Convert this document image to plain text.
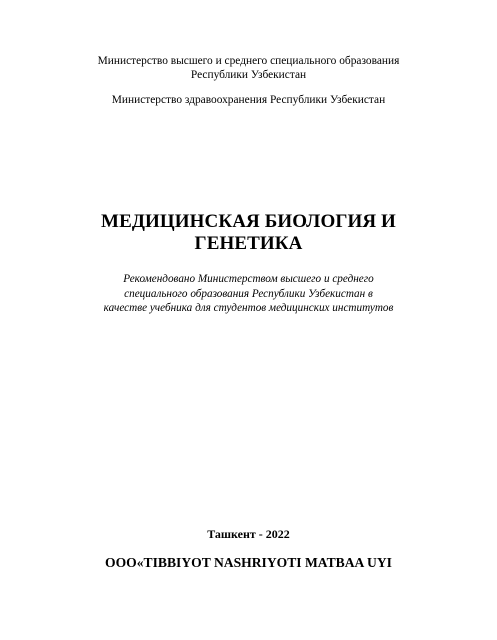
Министерство высшего и среднего специального образования
Республики Узбекистан
Министерство здравоохранения Республики Узбекистан
МЕДИЦИНСКАЯ БИОЛОГИЯ И
ГЕНЕТИКА
Рекомендовано Министерством высшего и среднего
специального образования Республики Узбекистан в
качестве учебника для студентов медицинских институтов
Ташкент - 2022
ООО«TIBBIYOT NASHRIYOTI MATBAA UYI
